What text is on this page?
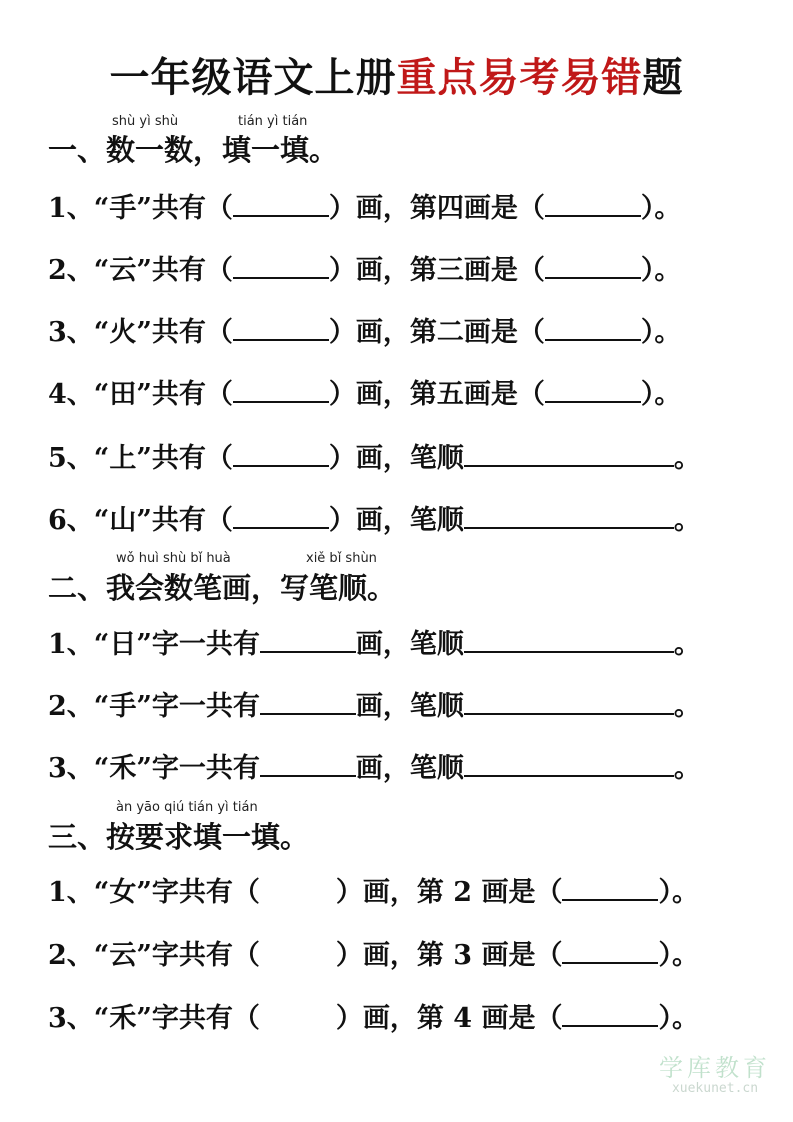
一年级语文上册重点易考易错题
shù yì shù	tián yì tián
一、数一数，填一填。
1、“手”共有（	）画，第四画是（	）。
2、“云”共有（	）画，第三画是（	）。
3、“火”共有（	）画，第二画是（	）。
4、“田”共有（	）画，第五画是（	）。
5、“上”共有（	）画，笔顺	。
6、“山”共有（	）画，笔顺	。
wǒ huì shù bǐ huà	xiě bǐ shùn
二、我会数笔画，写笔顺。
1、“日”字一共有	画，笔顺	。
2、“手”字一共有	画，笔顺	。
3、“禾”字一共有	画，笔顺	。
àn yāo qiú tián yì tián
三、按要求填一填。
1、“女”字共有（	）画，第 2 画是（	）。
2、“云”字共有（	）画，第 3 画是（	）。
3、“禾”字共有（	）画，第 4 画是（	）。
学库教育
xuekunet.cn
